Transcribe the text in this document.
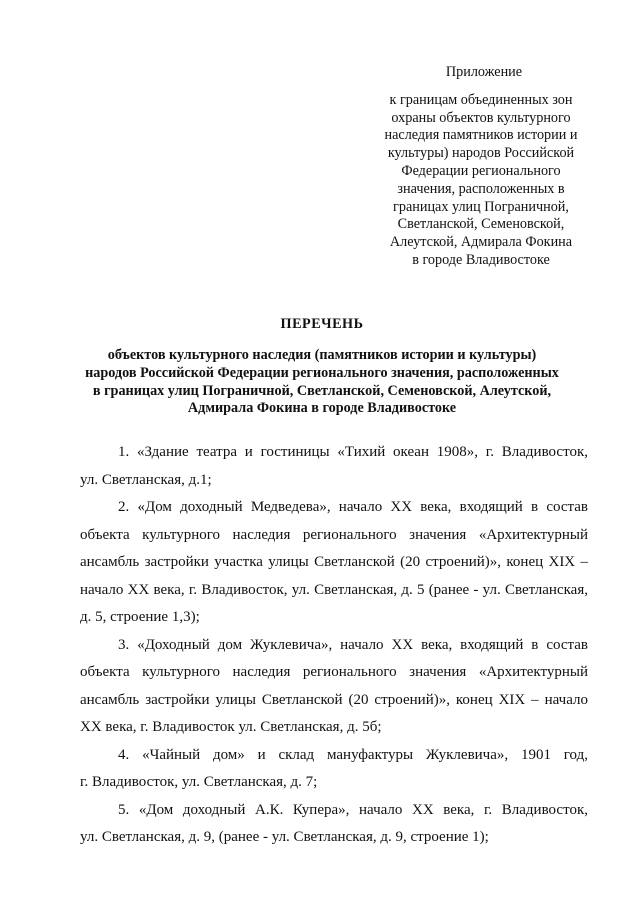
Приложение
к границам объединенных зон
охраны объектов культурного
наследия памятников истории и
культуры) народов Российской
Федерации регионального
значения, расположенных в
границах улиц Пограничной,
Светланской, Семеновской,
Алеутской, Адмирала Фокина
в городе Владивостоке
ПЕРЕЧЕНЬ
объектов культурного наследия (памятников истории и культуры)
народов Российской Федерации регионального значения, расположенных
в границах улиц Пограничной, Светланской, Семеновской, Алеутской,
Адмирала Фокина в городе Владивостоке
1. «Здание театра и гостиницы «Тихий океан 1908», г. Владивосток,
ул. Светланская, д.1;
2. «Дом доходный Медведева», начало XX века, входящий в состав
объекта культурного наследия регионального значения «Архитектурный
ансамбль застройки участка улицы Светланской (20 строений)», конец XIX –
начало XX века, г. Владивосток, ул. Светланская, д. 5 (ранее - ул. Светланская,
д. 5, строение 1,3);
3. «Доходный дом Жуклевича», начало XX века, входящий в состав
объекта культурного наследия регионального значения «Архитектурный
ансамбль застройки улицы Светланской (20 строений)», конец XIX – начало
XX века, г. Владивосток ул. Светланская, д. 5б;
4. «Чайный дом» и склад мануфактуры Жуклевича», 1901 год,
г. Владивосток, ул. Светланская, д. 7;
5. «Дом доходный А.К. Купера», начало XX века, г. Владивосток,
ул. Светланская, д. 9, (ранее - ул. Светланская, д. 9, строение 1);
